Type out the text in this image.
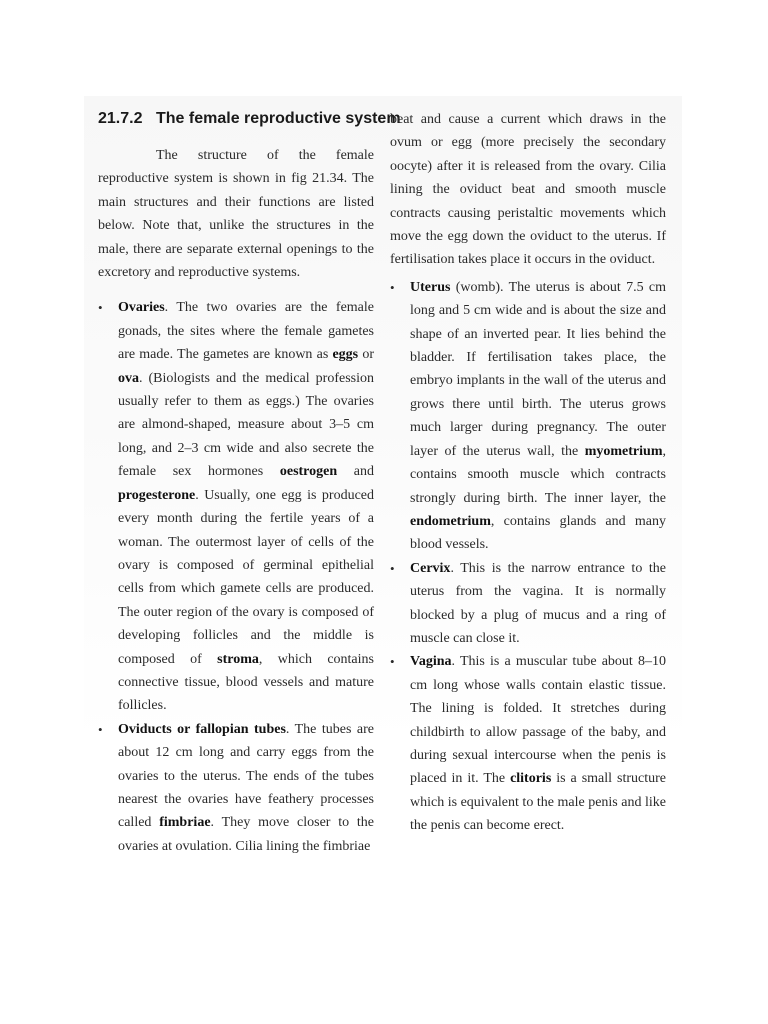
21.7.2 The female reproductive system

The structure of the female reproductive system is shown in fig 21.34. The main structures and their functions are listed below. Note that, unlike the structures in the male, there are separate external openings to the excretory and reproductive systems.

• Ovaries. The two ovaries are the female gonads, the sites where the female gametes are made. The gametes are known as eggs or ova. (Biologists and the medical profession usually refer to them as eggs.) The ovaries are almond-shaped, measure about 3–5 cm long, and 2–3 cm wide and also secrete the female sex hormones oestrogen and progesterone. Usually, one egg is produced every month during the fertile years of a woman. The outermost layer of cells of the ovary is composed of germinal epithelial cells from which gamete cells are produced. The outer region of the ovary is composed of developing follicles and the middle is composed of stroma, which contains connective tissue, blood vessels and mature follicles.
• Oviducts or fallopian tubes. The tubes are about 12 cm long and carry eggs from the ovaries to the uterus. The ends of the tubes nearest the ovaries have feathery processes called fimbriae. They move closer to the ovaries at ovulation. Cilia lining the fimbriae

beat and cause a current which draws in the ovum or egg (more precisely the secondary oocyte) after it is released from the ovary. Cilia lining the oviduct beat and smooth muscle contracts causing peristaltic movements which move the egg down the oviduct to the uterus. If fertilisation takes place it occurs in the oviduct.

• Uterus (womb). The uterus is about 7.5 cm long and 5 cm wide and is about the size and shape of an inverted pear. It lies behind the bladder. If fertilisation takes place, the embryo implants in the wall of the uterus and grows there until birth. The uterus grows much larger during pregnancy. The outer layer of the uterus wall, the myometrium, contains smooth muscle which contracts strongly during birth. The inner layer, the endometrium, contains glands and many blood vessels.
• Cervix. This is the narrow entrance to the uterus from the vagina. It is normally blocked by a plug of mucus and a ring of muscle can close it.
• Vagina. This is a muscular tube about 8–10 cm long whose walls contain elastic tissue. The lining is folded. It stretches during childbirth to allow passage of the baby, and during sexual intercourse when the penis is placed in it. The clitoris is a small structure which is equivalent to the male penis and like the penis can become erect.
